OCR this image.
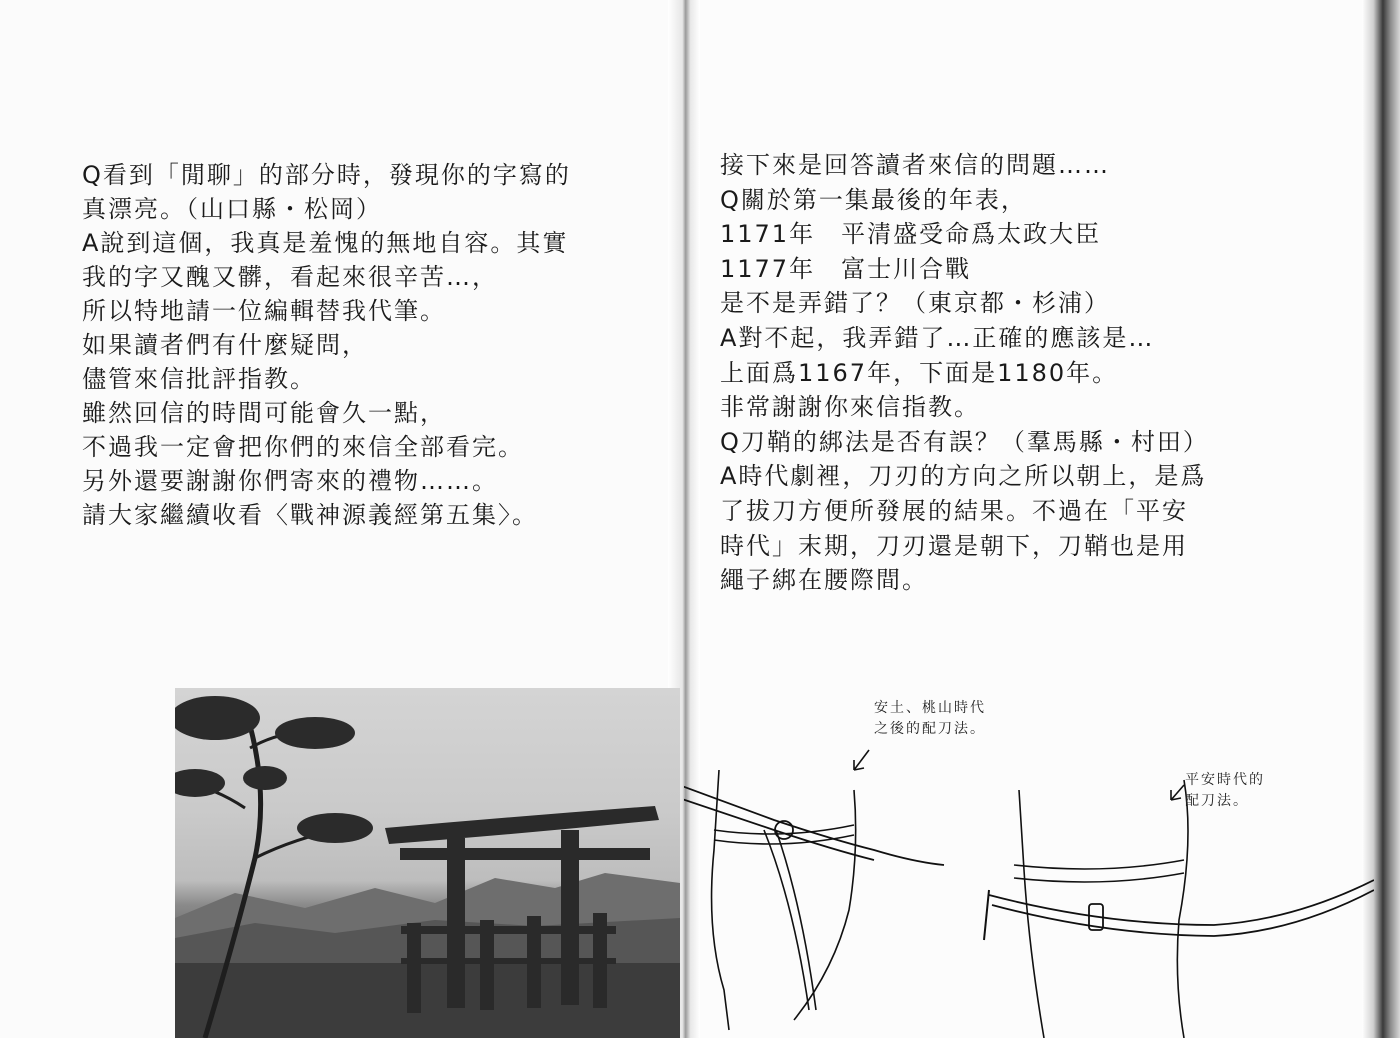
Q看到「閒聊」的部分時，發現你的字寫的
真漂亮。（山口縣・松岡）
A說到這個，我真是羞愧的無地自容。其實
我的字又醜又髒，看起來很辛苦…，
所以特地請一位編輯替我代筆。
如果讀者們有什麼疑問，
儘管來信批評指教。
雖然回信的時間可能會久一點，
不過我一定會把你們的來信全部看完。
另外還要謝謝你們寄來的禮物……。
請大家繼續收看〈戰神源義經第五集〉。
接下來是回答讀者來信的問題……
Q關於第一集最後的年表，
1171年　平清盛受命爲太政大臣
1177年　富士川合戰
是不是弄錯了？（東京都・杉浦）
A對不起，我弄錯了…正確的應該是…
上面爲1167年，下面是1180年。
非常謝謝你來信指教。
Q刀鞘的綁法是否有誤？（羣馬縣・村田）
A時代劇裡，刀刃的方向之所以朝上，是爲
了拔刀方便所發展的結果。不過在「平安
時代」末期，刀刃還是朝下，刀鞘也是用
繩子綁在腰際間。
安土、桃山時代
之後的配刀法。
平安時代的
配刀法。
